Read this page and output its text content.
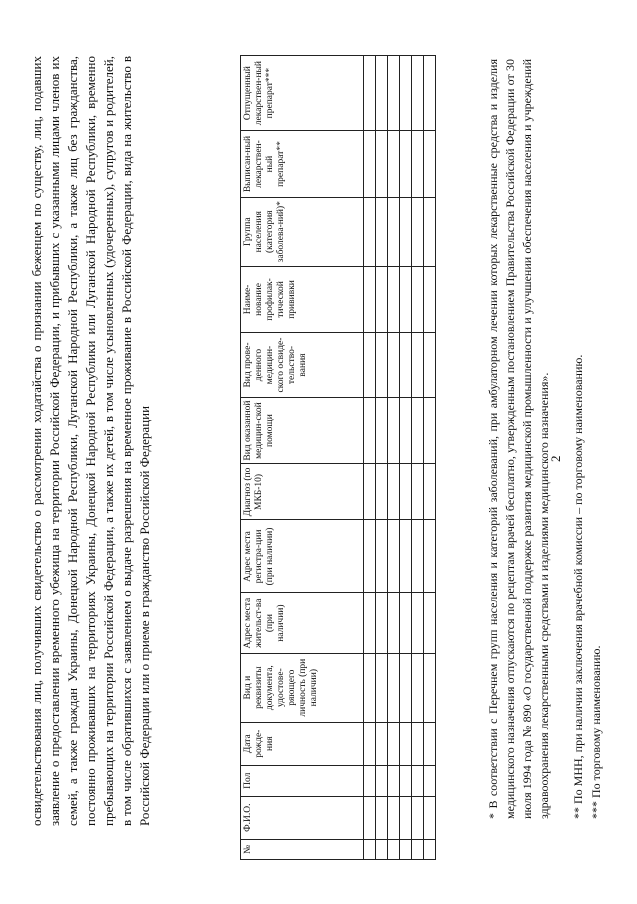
2
освидетельствования лиц, получивших свидетельство о рассмотрении ходатайства о признании беженцем по существу, лиц, подавших заявление о предоставлении временного убежища на территории Российской Федерации, и прибывших с указанными лицами членов их семей, а также граждан Украины, Донецкой Народной Республики, Луганской Народной Республики, а также лиц без гражданства, постоянно проживавших на территориях Украины, Донецкой Народной Республики или Луганской Народной Республики, временно пребывающих на территории Российской Федерации, а также их детей, в том числе усыновленных (удочеренных), супругов и родителей, в том числе обратившихся с заявлением о выдаче разрешения на временное проживание в Российской Федерации, вида на жительство в Российской Федерации или о приеме в гражданство Российской Федерации
№	Ф.И.О.	Пол	Дата рожде-ния	Вид и реквизиты документа, удостове-ряющего личность (при наличии)	Адрес места жительст-ва (при наличии)	Адрес места регистра-ции (при наличии)	Диагноз (по МКБ-10)	Вид оказанной медицин-ской помощи	Вид прове-денного медицин-ского освиде-тельство-вания	Наиме-нование профилак-тической прививки	Группа населения (категория заболева-ний)*	Выписан-ный лекарствен-ный препарат**	Отпущенный лекарствен-ный препарат***

														* В соответствии с Перечнем групп населения и категорий заболеваний, при амбулаторном лечении которых лекарственные средства и изделия медицинского назначения отпускаются по рецептам врачей бесплатно, утвержденным постановлением Правительства Российской Федерации от 30 июля 1994 года № 890 «О государственной поддержке развития медицинской промышленности и улучшении обеспечения населения и учреждений здравоохранения лекарственными средствами и изделиями медицинского назначения». ** По МНН, при наличии заключения врачебной комиссии – по торговому наименованию. *** По торговому наименованию.
